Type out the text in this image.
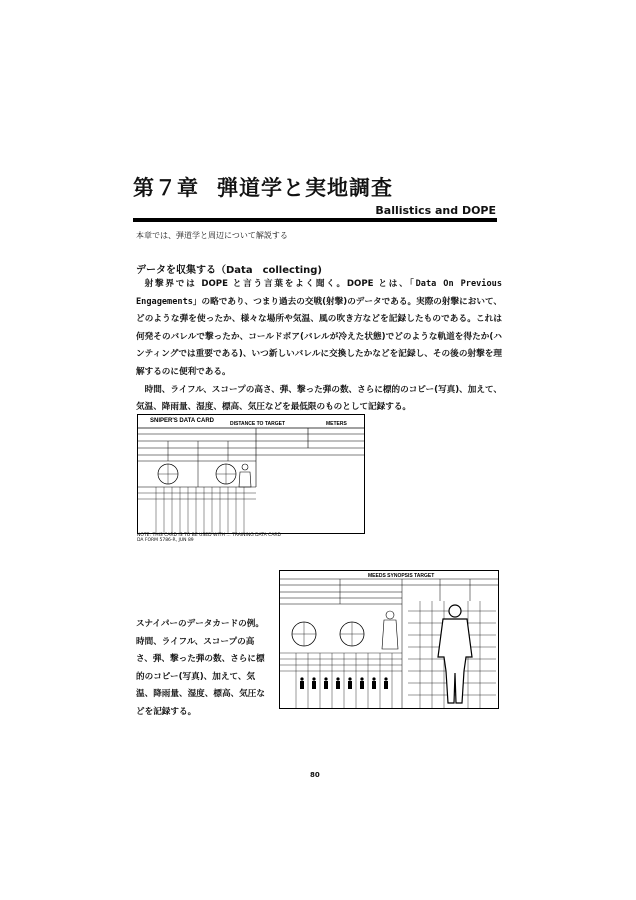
第７章 弾道学と実地調査
Ballistics and DOPE
本章では、弾道学と周辺について解説する
データを収集する（Data　collecting)

射撃界では DOPE と言う言葉をよく聞く。DOPE とは、「Data On Previous Engagements」の略であり、つまり過去の交戦(射撃)のデータである。実際の射撃において、どのような弾を使ったか、様々な場所や気温、風の吹き方などを記録したものである。これは何発そのバレルで撃ったか、コールドボア(バレルが冷えた状態)でどのような軌道を得たか(ハンティングでは重要である)、いつ新しいバレルに交換したかなどを記録し、その後の射撃を理解するのに便利である。

時間、ライフル、スコープの高さ、弾、撃った弾の数、さらに標的のコピー(写真)、加えて、気温、降雨量、湿度、標高、気圧などを最低限のものとして記録する。

SNIPER'S DATA CARD	DISTANCE TO TARGET	METERS
NOTE: THIS CARD IS TO BE USED WITH ... TRAINING DATA CARD
DA FORM 5786-R, JUN 89
MEEDS SYNOPSIS TARGET
スナイパーのデータカードの例。時間、ライフル、スコープの高さ、弾、撃った弾の数、さらに標的のコピー(写真)、加えて、気温、降雨量、湿度、標高、気圧などを記録する。
80
